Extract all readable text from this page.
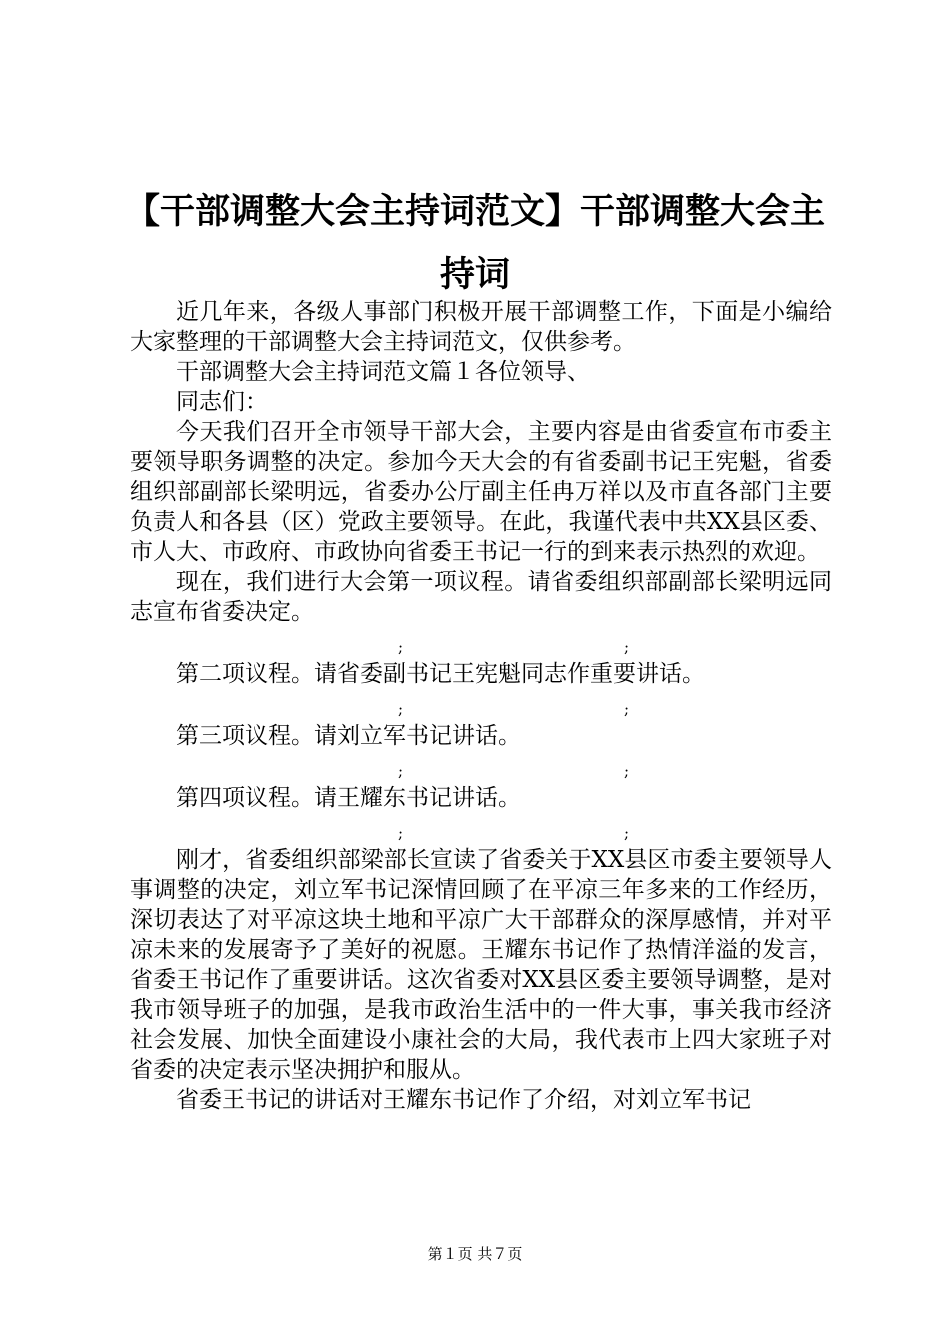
【干部调整大会主持词范文】干部调整大会主
持词

近几年来，各级人事部门积极开展干部调整工作，下面是小编给大家整理的干部调整大会主持词范文，仅供参考。

干部调整大会主持词范文篇１各位领导、

同志们：

今天我们召开全市领导干部大会，主要内容是由省委宣布市委主要领导职务调整的决定。参加今天大会的有省委副书记王宪魁，省委组织部副部长梁明远，省委办公厅副主任冉万祥以及市直各部门主要负责人和各县（区）党政主要领导。在此，我谨代表中共XX县区委、市人大、市政府、市政协向省委王书记一行的到来表示热烈的欢迎。

现在，我们进行大会第一项议程。请省委组织部副部长梁明远同志宣布省委决定。

;	;

第二项议程。请省委副书记王宪魁同志作重要讲话。

;	;

第三项议程。请刘立军书记讲话。

;	;

第四项议程。请王耀东书记讲话。

;	;

刚才，省委组织部梁部长宣读了省委关于XX县区市委主要领导人事调整的决定，刘立军书记深情回顾了在平凉三年多来的工作经历，深切表达了对平凉这块土地和平凉广大干部群众的深厚感情，并对平凉未来的发展寄予了美好的祝愿。王耀东书记作了热情洋溢的发言，省委王书记作了重要讲话。这次省委对XX县区委主要领导调整，是对我市领导班子的加强，是我市政治生活中的一件大事，事关我市经济社会发展、加快全面建设小康社会的大局，我代表市上四大家班子对省委的决定表示坚决拥护和服从。

省委王书记的讲话对王耀东书记作了介绍，对刘立军书记

第１页 共７页
